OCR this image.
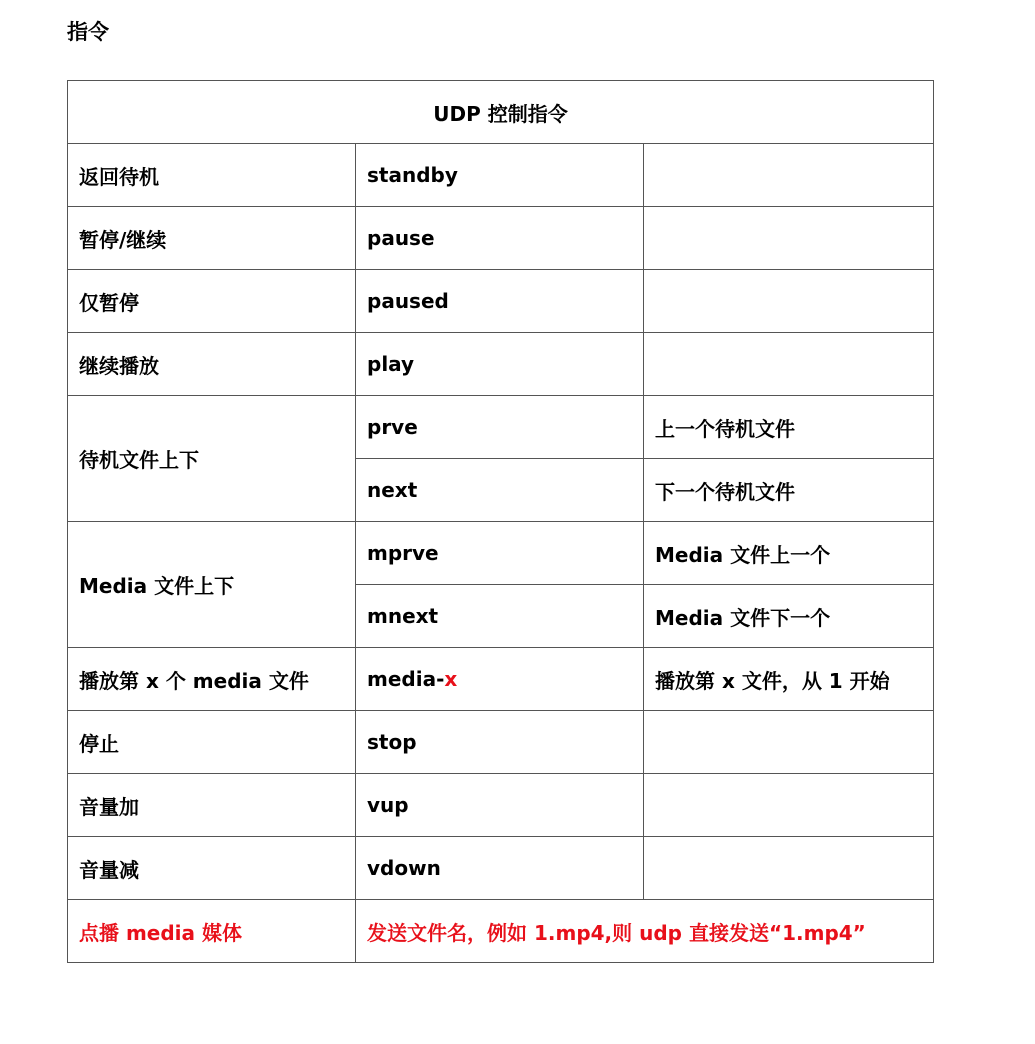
指令
UDP 控制指令		
返回待机	standby	
暂停/继续	pause	
仅暂停	paused	
继续播放	play	
待机文件上下	prve	上一个待机文件
	next	下一个待机文件
Media 文件上下	mprve	Media 文件上一个
	mnext	Media 文件下一个
播放第 x 个 media 文件	media-x	播放第 x 文件，从 1 开始
停止	stop	
音量加	vup	
音量减	vdown	
点播 media 媒体	发送文件名，例如 1.mp4,则 udp 直接发送“1.mp4”	
